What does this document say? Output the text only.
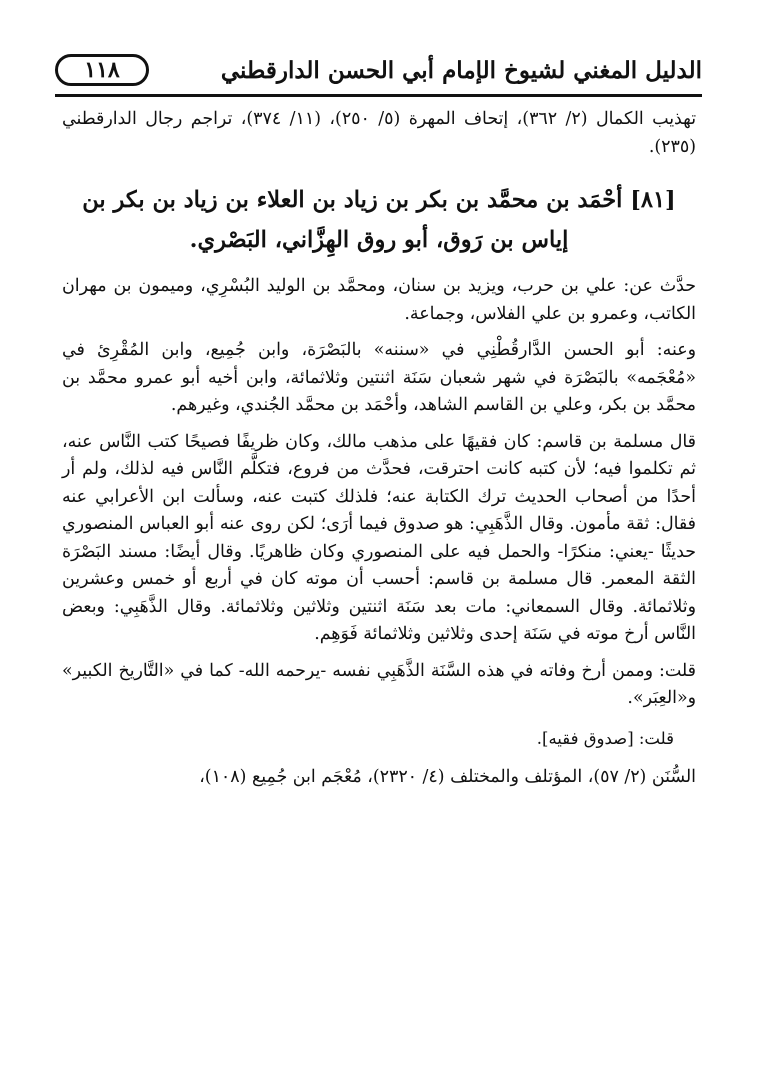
الدليل المغني لشيوخ الإمام أبي الحسن الدارقطني
١١٨

تهذيب الكمال (٢/ ٣٦٢)، إتحاف المهرة (٥/ ٢٥٠)، (١١/ ٣٧٤)، تراجم رجال الدارقطني (٢٣٥).

[٨١] أحْمَد بن محمَّد بن بكر بن زياد بن العلاء بن زياد بن بكر بن إياس بن رَوق، أبو روق الهِزَّاني، البَصْري.

حدَّث عن: علي بن حرب، ويزيد بن سنان، ومحمَّد بن الوليد البُسْرِي، وميمون بن مهران الكاتب، وعمرو بن علي الفلاس، وجماعة.

وعنه: أبو الحسن الدَّارقُطْنِي في «سننه» بالبَصْرَة، وابن جُمِيع، وابن المُقْرِئ في «مُعْجَمه» بالبَصْرَة في شهر شعبان سَنَة اثنتين وثلاثمائة، وابن أخيه أبو عمرو محمَّد بن محمَّد بن بكر، وعلي بن القاسم الشاهد، وأحْمَد بن محمَّد الجُندي، وغيرهم.

قال مسلمة بن قاسم: كان فقيهًا على مذهب مالك، وكان ظريفًا فصيحًا كتب النَّاس عنه، ثم تكلموا فيه؛ لأن كتبه كانت احترقت، فحدَّث من فروع، فتكلَّم النَّاس فيه لذلك، ولم أر أحدًا من أصحاب الحديث ترك الكتابة عنه؛ فلذلك كتبت عنه، وسألت ابن الأعرابي عنه فقال: ثقة مأمون. وقال الذَّهَبِي: هو صدوق فيما أرَى؛ لكن روى عنه أبو العباس المنصوري حديثًا -يعني: منكرًا- والحمل فيه على المنصوري وكان ظاهريًا. وقال أيضًا: مسند البَصْرَة الثقة المعمر. قال مسلمة بن قاسم: أحسب أن موته كان في أربع أو خمس وعشرين وثلاثمائة. وقال السمعاني: مات بعد سَنَة اثنتين وثلاثين وثلاثمائة. وقال الذَّهَبِي: وبعض النَّاس أرخ موته في سَنَة إحدى وثلاثين وثلاثمائة فَوَهِم.

قلت: وممن أرخ وفاته في هذه السَّنَة الذَّهَبِي نفسه -يرحمه الله- كما في «التَّاريخ الكبير» و«العِبَر».

قلت: [صدوق فقيه].

السُّنَن (٢/ ٥٧)، المؤتلف والمختلف (٤/ ٢٣٢٠)، مُعْجَم ابن جُمِيع (١٠٨)،
